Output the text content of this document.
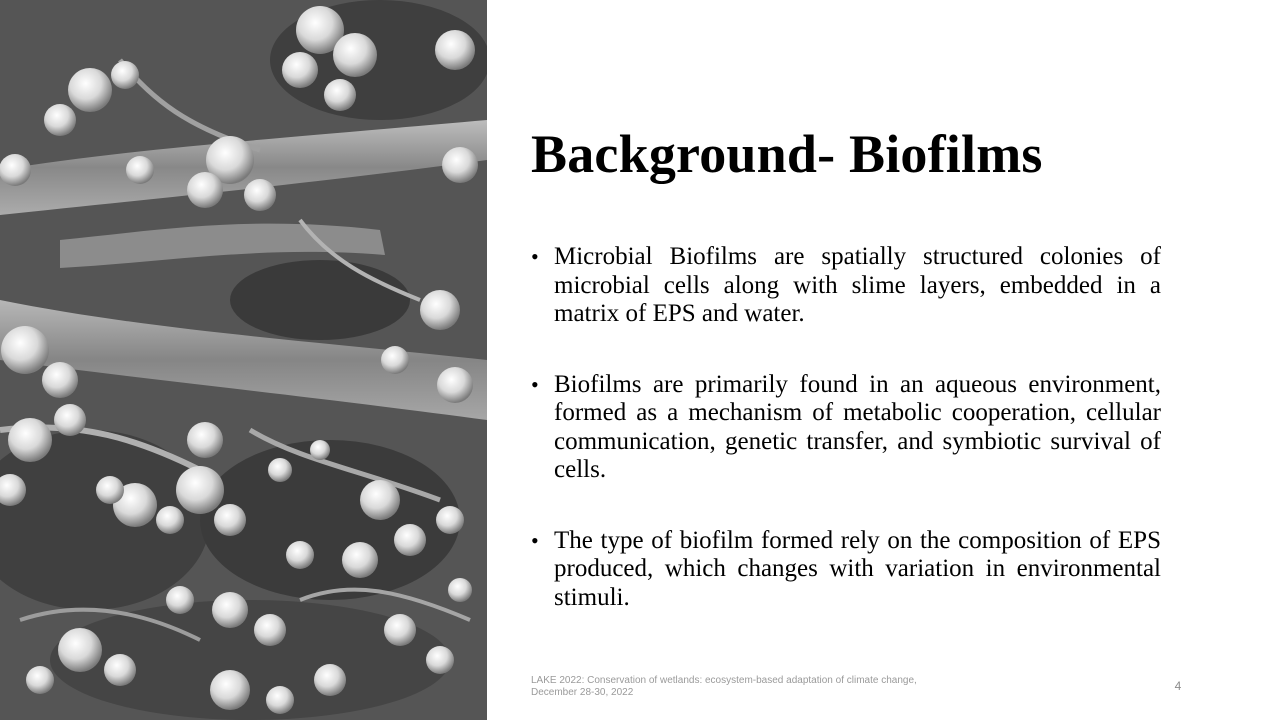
Background- Biofilms
• Microbial Biofilms are spatially structured colonies of microbial cells along with slime layers, embedded in a matrix of EPS and water.
• Biofilms are primarily found in an aqueous environment, formed as a mechanism of metabolic cooperation, cellular communication, genetic transfer, and symbiotic survival of cells.
• The type of biofilm formed rely on the composition of EPS produced, which changes with variation in environmental stimuli.
LAKE 2022: Conservation of wetlands: ecosystem-based adaptation of climate change, December 28-30, 2022	4
